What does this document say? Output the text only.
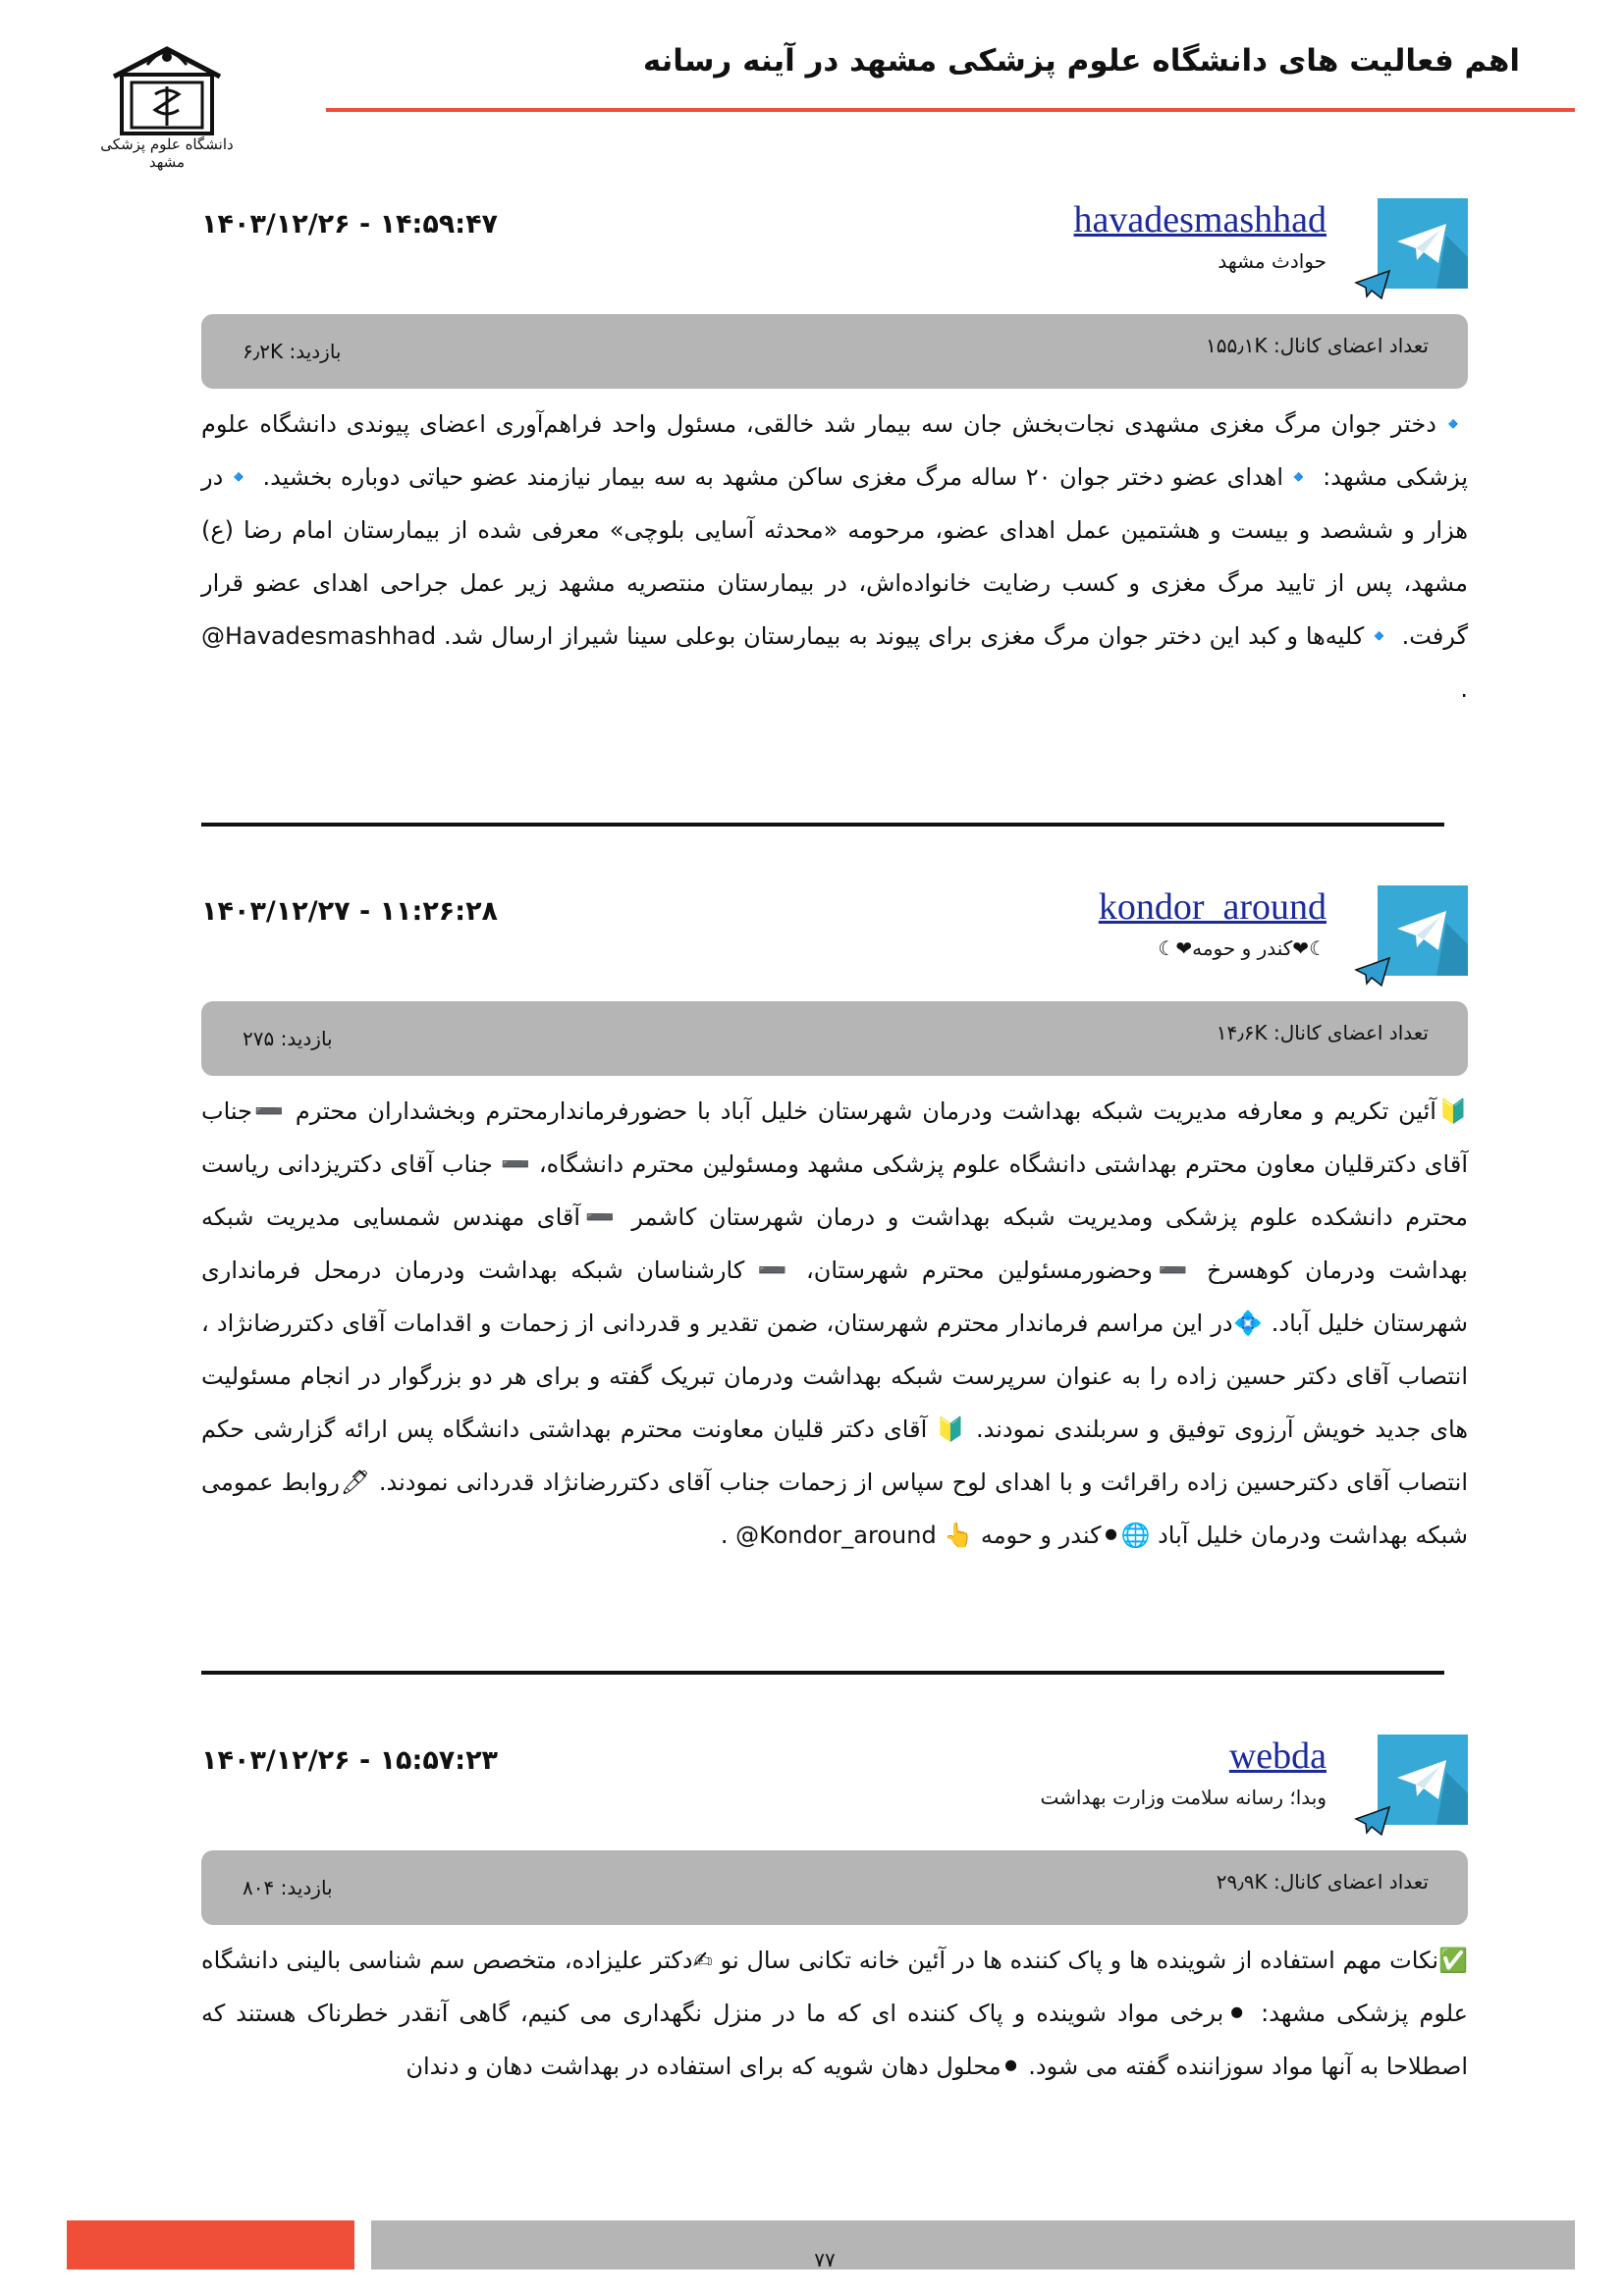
دانشگاه علوم پزشکی مشهد
اهم فعالیت های دانشگاه علوم پزشکی مشهد در آینه رسانه
havadesmashhad
حوادث مشهد
۱۴۰۳/۱۲/۲۶ - ۱۴:۵۹:۴۷
تعداد اعضای کانال: ۱۵۵٫۱K
بازدید: ۶٫۲K

🔹دختر جوان مرگ مغزی مشهدی نجات‌بخش جان سه بیمار شد خالقی، مسئول واحد فراهم‌آوری اعضای پیوندی دانشگاه علوم پزشکی مشهد: 🔹اهدای عضو دختر جوان ۲۰ ساله مرگ مغزی ساکن مشهد به سه بیمار نیازمند عضو حیاتی دوباره بخشید. 🔹در هزار و ششصد و بیست و هشتمین عمل اهدای عضو، مرحومه «محدثه آسایی بلوچی» معرفی شده از بیمارستان امام رضا (ع) مشهد، پس از تایید مرگ مغزی و کسب رضایت خانواده‌اش، در بیمارستان منتصریه مشهد زیر عمل جراحی اهدای عضو قرار گرفت. 🔹کلیه‌ها و کبد این دختر جوان مرگ مغزی برای پیوند به بیمارستان بوعلی سینا شیراز ارسال شد. ‎@Havadesmashhad .

kondor_around
☾❤کندر و حومه❤☾
۱۴۰۳/۱۲/۲۷ - ۱۱:۲۶:۲۸
تعداد اعضای کانال: ۱۴٫۶K
بازدید: ۲۷۵

🔰آئین تکریم و معارفه مدیریت شبکه بهداشت ودرمان شهرستان خلیل آباد با حضورفرماندارمحترم وبخشداران محترم ➖جناب آقای دکترقلیان معاون محترم بهداشتی دانشگاه علوم پزشکی مشهد ومسئولین محترم دانشگاه، ➖ جناب آقای دکتریزدانی ریاست محترم دانشکده علوم پزشکی ومدیریت شبکه بهداشت و درمان شهرستان کاشمر ➖آقای مهندس شمسایی مدیریت شبکه بهداشت ودرمان کوهسرخ ➖وحضورمسئولین محترم شهرستان، ➖ کارشناسان شبکه بهداشت ودرمان درمحل فرمانداری شهرستان خلیل آباد. 💠در این مراسم فرماندار محترم شهرستان، ضمن تقدیر و قدردانی از زحمات و اقدامات آقای دکتررضانژاد ، انتصاب آقای دکتر حسین زاده را به عنوان سرپرست شبکه بهداشت ودرمان تبریک گفته و برای هر دو بزرگوار در انجام مسئولیت های جدید خویش آرزوی توفیق و سربلندی نمودند. 🔰 آقای دکتر قلیان معاونت محترم بهداشتی دانشگاه پس ارائه گزارشی حکم انتصاب آقای دکترحسین زاده راقرائت و با اهدای لوح سپاس از زحمات جناب آقای دکتررضانژاد قدردانی نمودند. 🖊روابط عمومی شبکه بهداشت ودرمان خلیل آباد 🌐⚫کندر و حومه 👆 ‎@Kondor_around .

webda
وبدا؛ رسانه سلامت وزارت بهداشت
۱۴۰۳/۱۲/۲۶ - ۱۵:۵۷:۲۳
تعداد اعضای کانال: ۲۹٫۹K
بازدید: ۸۰۴

✅نکات مهم استفاده از شوینده ها و پاک کننده ها در آئین خانه تکانی سال نو ✍دکتر علیزاده، متخصص سم شناسی بالینی دانشگاه علوم پزشکی مشهد: ⚫برخی مواد شوینده و پاک کننده ای که ما در منزل نگهداری می کنیم، گاهی آنقدر خطرناک هستند که اصطلاحا به آنها مواد سوزاننده گفته می شود. ⚫محلول دهان شویه که برای استفاده در بهداشت دهان و دندان

۷۷
